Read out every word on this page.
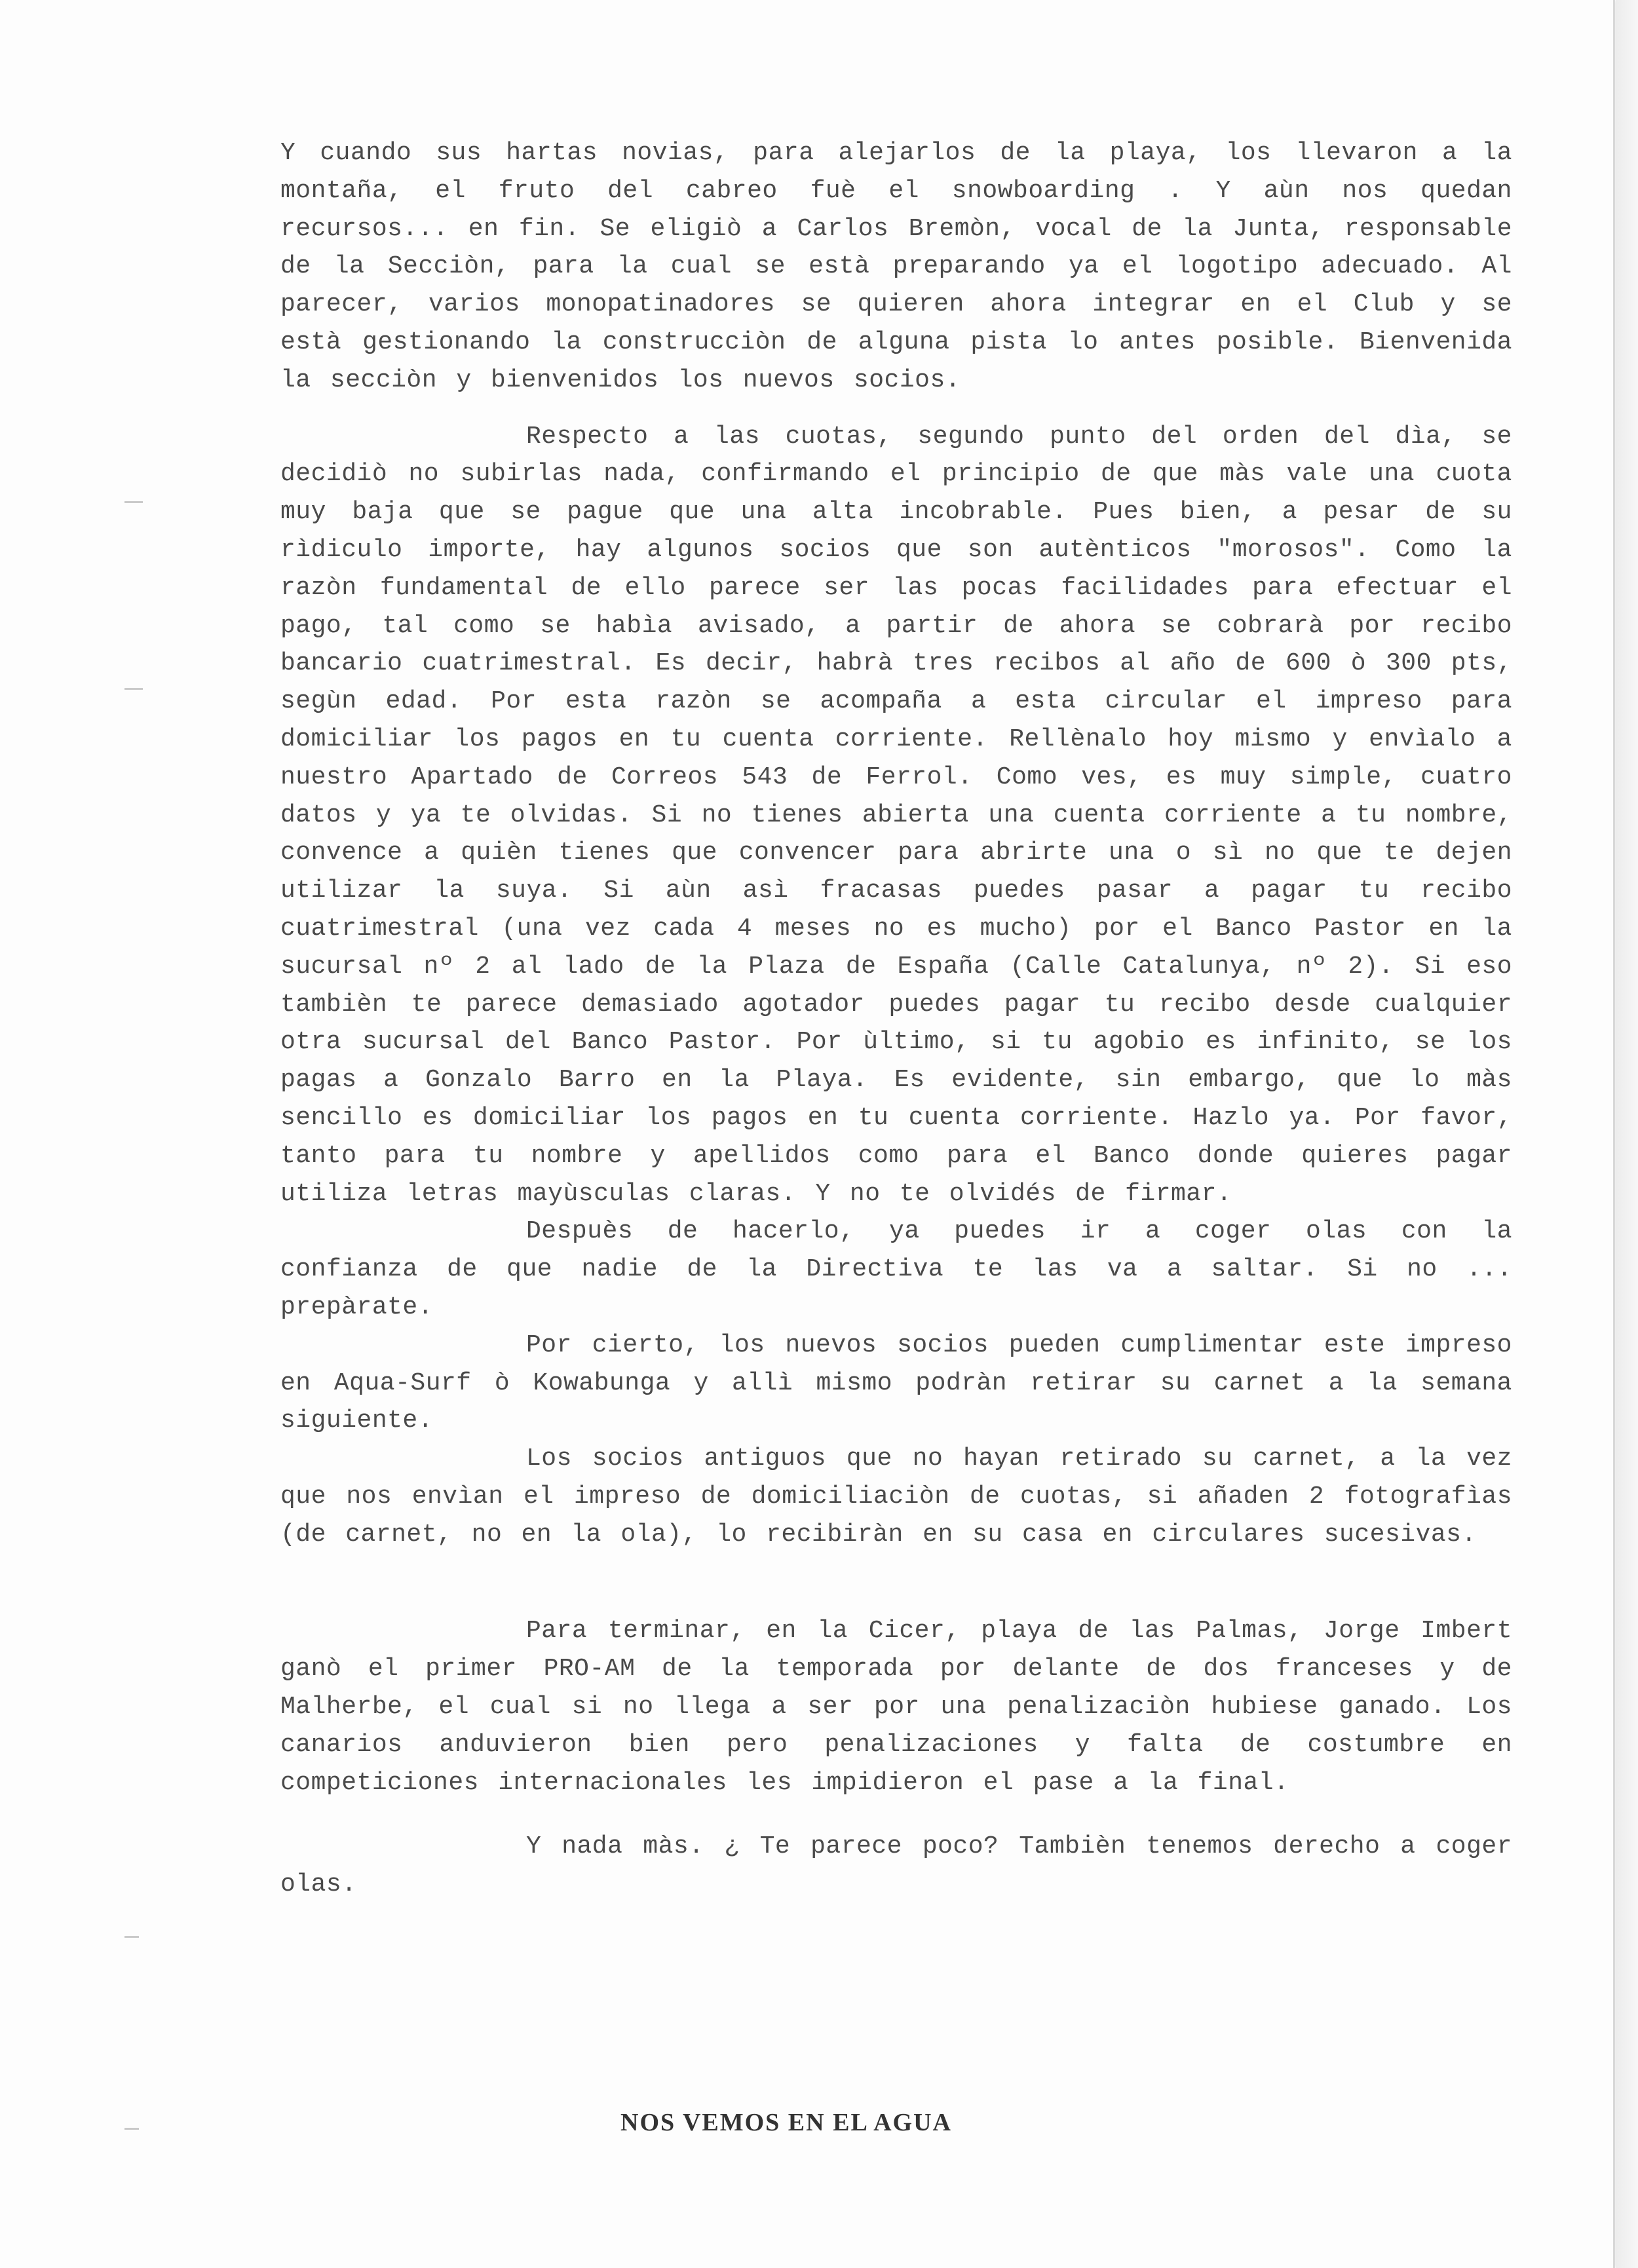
Y cuando sus hartas novias, para alejarlos de la playa, los llevaron a la montaña, el fruto del cabreo fuè el snowboarding . Y aùn nos quedan recursos... en fin. Se eligiò a Carlos Bremòn, vocal de la Junta, responsable de la Secciòn, para la cual se està preparando ya el logotipo adecuado. Al parecer, varios monopatinadores se quieren ahora integrar en el Club y se està gestionando la construcciòn de alguna pista lo antes posible. Bienvenida la secciòn y bienvenidos los nuevos socios.

Respecto a las cuotas, segundo punto del orden del dìa, se decidiò no subirlas nada, confirmando el principio de que màs vale una cuota muy baja que se pague que una alta incobrable. Pues bien, a pesar de su rìdiculo importe, hay algunos socios que son autènticos "morosos". Como la razòn fundamental de ello parece ser las pocas facilidades para efectuar el pago, tal como se habìa avisado, a partir de ahora se cobrarà por recibo bancario cuatrimestral. Es decir, habrà tres recibos al año de 600 ò 300 pts, segùn edad. Por esta razòn se acompaña a esta circular el impreso para domiciliar los pagos en tu cuenta corriente. Rellènalo hoy mismo y envìalo a nuestro Apartado de Correos 543 de Ferrol. Como ves, es muy simple, cuatro datos y ya te olvidas. Si no tienes abierta una cuenta corriente a tu nombre, convence a quièn tienes que convencer para abrirte una o sì no que te dejen utilizar la suya. Si aùn asì fracasas puedes pasar a pagar tu recibo cuatrimestral (una vez cada 4 meses no es mucho) por el Banco Pastor en la sucursal nº 2 al lado de la Plaza de España (Calle Catalunya, nº 2). Si eso tambièn te parece demasiado agotador puedes pagar tu recibo desde cualquier otra sucursal del Banco Pastor. Por ùltimo, si tu agobio es infinito, se los pagas a Gonzalo Barro en la Playa. Es evidente, sin embargo, que lo màs sencillo es domiciliar los pagos en tu cuenta corriente. Hazlo ya. Por favor, tanto para tu nombre y apellidos como para el Banco donde quieres pagar utiliza letras mayùsculas claras. Y no te olvidés de firmar.

Despuès de hacerlo, ya puedes ir a coger olas con la confianza de que nadie de la Directiva te las va a saltar. Si no ... prepàrate.

Por cierto, los nuevos socios pueden cumplimentar este impreso en Aqua-Surf ò Kowabunga y allì mismo podràn retirar su carnet a la semana siguiente.

Los socios antiguos que no hayan retirado su carnet, a la vez que nos envìan el impreso de domiciliaciòn de cuotas, si añaden 2 fotografìas (de carnet, no en la ola), lo recibiràn en su casa en circulares sucesivas.

Para terminar, en la Cicer, playa de las Palmas, Jorge Imbert ganò el primer PRO-AM de la temporada por delante de dos franceses y de Malherbe, el cual si no llega a ser por una penalizaciòn hubiese ganado. Los canarios anduvieron bien pero penalizaciones y falta de costumbre en competiciones internacionales les impidieron el pase a la final.

Y nada màs. ¿ Te parece poco? Tambièn tenemos derecho a coger olas.

NOS VEMOS EN EL AGUA
